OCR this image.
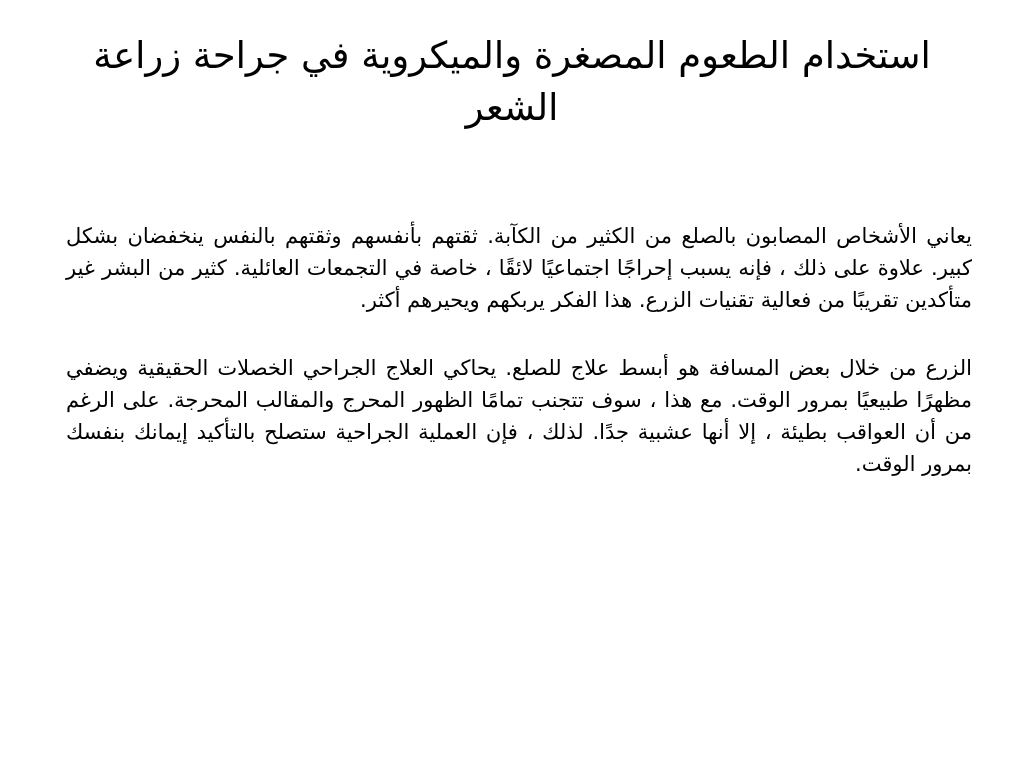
استخدام الطعوم المصغرة والميكروية في جراحة زراعة الشعر

يعاني الأشخاص المصابون بالصلع من الكثير من الكآبة. ثقتهم بأنفسهم وثقتهم بالنفس ينخفضان بشكل كبير. علاوة على ذلك ، فإنه يسبب إحراجًا اجتماعيًا لائقًا ، خاصة في التجمعات العائلية. كثير من البشر غير متأكدين تقريبًا من فعالية تقنيات الزرع. هذا الفكر يربكهم ويحيرهم أكثر.

الزرع من خلال بعض المسافة هو أبسط علاج للصلع. يحاكي العلاج الجراحي الخصلات الحقيقية ويضفي مظهرًا طبيعيًا بمرور الوقت. مع هذا ، سوف تتجنب تمامًا الظهور المحرج والمقالب المحرجة. على الرغم من أن العواقب بطيئة ، إلا أنها عشبية جدًا. لذلك ، فإن العملية الجراحية ستصلح بالتأكيد إيمانك بنفسك بمرور الوقت.
